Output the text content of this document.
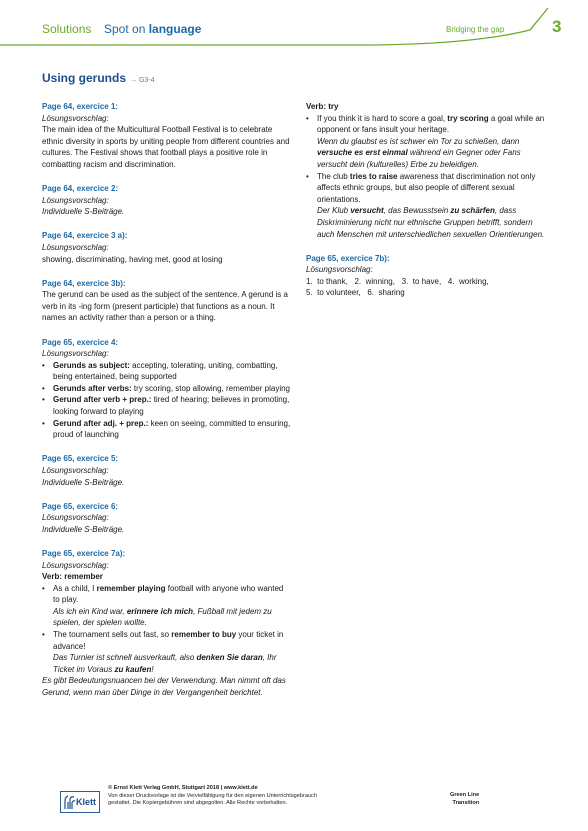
Solutions Spot on language	Bridging the gap	3
Using gerunds → G3-4
Page 64, exercice 1:
Lösungsvorschlag:
The main idea of the Multicultural Football Festival is to celebrate ethnic diversity in sports by uniting people from different countries and cultures. The Festival shows that football plays a positive role in combatting racism and discrimination.
Page 64, exercice 2:
Lösungsvorschlag:
Individuelle S-Beiträge.
Page 64, exercice 3 a):
Lösungsvorschlag:
showing, discriminating, having met, good at losing
Page 64, exercice 3b):
The gerund can be used as the subject of the sentence. A gerund is a verb in its -ing form (present participle) that functions as a noun. It names an activity rather than a person or a thing.
Page 65, exercice 4:
Lösungsvorschlag:
• Gerunds as subject: accepting, tolerating, uniting, combatting, being entertained, being supported
• Gerunds after verbs: try scoring, stop allowing, remember playing
• Gerund after verb + prep.: tired of hearing; believes in promoting, looking forward to playing
• Gerund after adj. + prep.: keen on seeing, committed to ensuring, proud of launching
Page 65, exercice 5:
Lösungsvorschlag:
Individuelle S-Beiträge.
Page 65, exercice 6:
Lösungsvorschlag:
Individuelle S-Beiträge.
Page 65, exercice 7a):
Lösungsvorschlag:
Verb: remember
• As a child, I remember playing football with anyone who wanted to play.
Als ich ein Kind war, erinnere ich mich, Fußball mit jedem zu spielen, der spielen wollte.
• The tournament sells out fast, so remember to buy your ticket in advance!
Das Turnier ist schnell ausverkauft, also denken Sie daran, Ihr Ticket im Voraus zu kaufen!
Es gibt Bedeutungsnuancen bei der Verwendung. Man nimmt oft das Gerund, wenn man über Dinge in der Vergangenheit berichtet.
Verb: try
• If you think it is hard to score a goal, try scoring a goal while an opponent or fans insult your heritage.
Wenn du glaubst es ist schwer ein Tor zu schießen, dann versuche es erst einmal während ein Gegner oder Fans versucht dein (kulturelles) Erbe zu beleidigen.
• The club tries to raise awareness that discrimination not only affects ethnic groups, but also people of different sexual orientations.
Der Klub versucht, das Bewusstsein zu schärfen, dass Diskriminierung nicht nur ethnische Gruppen betrifft, sondern auch Menschen mit unterschiedlichen sexuellen Orientierungen.
Page 65, exercice 7b):
Lösungsvorschlag:
1.  to thank,   2.  winning,   3.  to have,   4.  working,
5.  to volunteer,   6.  sharing
Klett
© Ernst Klett Verlag GmbH, Stuttgart 2018 | www.klett.de
Von dieser Druckvorlage ist die Vervielfältigung für den eigenen Unterrichtsgebrauch
gestattet. Die Kopiergebühren sind abgegolten. Alle Rechte vorbehalten.
Green Line
Transition
